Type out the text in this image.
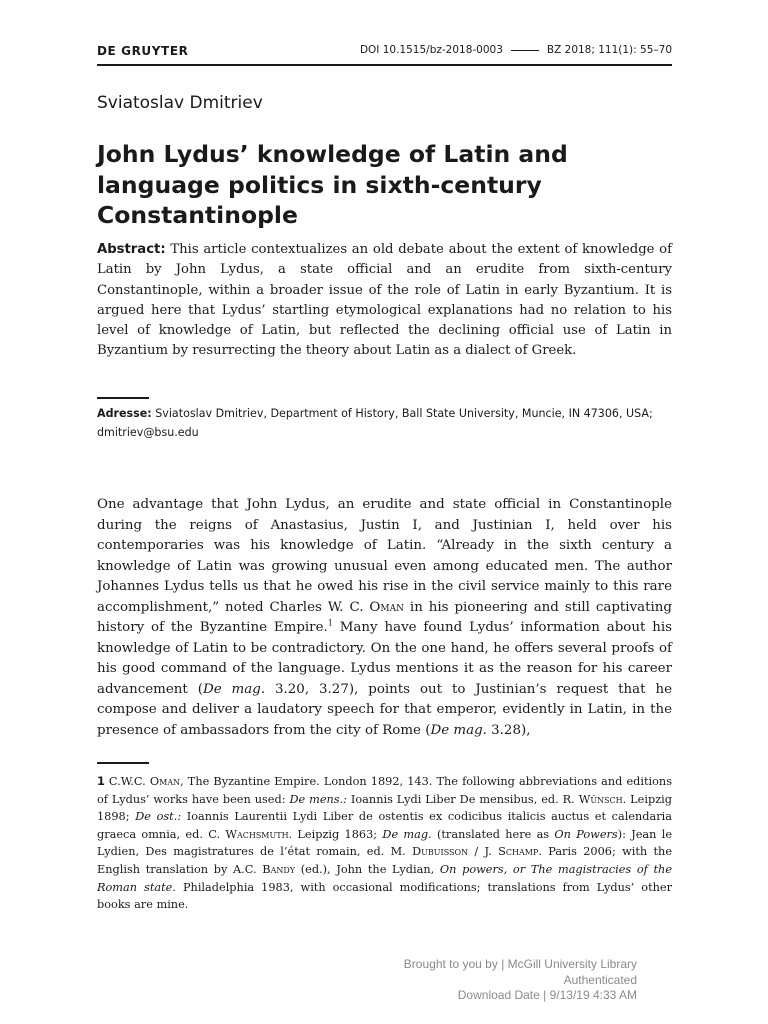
DE GRUYTER	DOI 10.1515/bz-2018-0003	BZ 2018; 111(1): 55–70
Sviatoslav Dmitriev
John Lydus’ knowledge of Latin and
language politics in sixth-century
Constantinople

Abstract: This article contextualizes an old debate about the extent of knowledge of Latin by John Lydus, a state official and an erudite from sixth-century Constantinople, within a broader issue of the role of Latin in early Byzantium. It is argued here that Lydus’ startling etymological explanations had no relation to his level of knowledge of Latin, but reflected the declining official use of Latin in Byzantium by resurrecting the theory about Latin as a dialect of Greek.

Adresse: Sviatoslav Dmitriev, Department of History, Ball State University, Muncie, IN 47306, USA; dmitriev@bsu.edu

One advantage that John Lydus, an erudite and state official in Constantinople during the reigns of Anastasius, Justin I, and Justinian I, held over his contemporaries was his knowledge of Latin. “Already in the sixth century a knowledge of Latin was growing unusual even among educated men. The author Johannes Lydus tells us that he owed his rise in the civil service mainly to this rare accomplishment,” noted Charles W. C. Oman in his pioneering and still captivating history of the Byzantine Empire.$^1$ Many have found Lydus’ information about his knowledge of Latin to be contradictory. On the one hand, he offers several proofs of his good command of the language. Lydus mentions it as the reason for his career advancement (De mag. 3.20, 3.27), points out to Justinian’s request that he compose and deliver a laudatory speech for that emperor, evidently in Latin, in the presence of ambassadors from the city of Rome (De mag. 3.28),

1 C.W.C. Oman, The Byzantine Empire. London 1892, 143. The following abbreviations and editions of Lydus’ works have been used: De mens.: Ioannis Lydi Liber De mensibus, ed. R. Wünsch. Leipzig 1898; De ost.: Ioannis Laurentii Lydi Liber de ostentis ex codicibus italicis auctus et calendaria graeca omnia, ed. C. Wachsmuth. Leipzig 1863; De mag. (translated here as On Powers): Jean le Lydien, Des magistratures de l’état romain, ed. M. Dubuisson / J. Schamp. Paris 2006; with the English translation by A.C. Bandy (ed.), John the Lydian, On powers, or The magistracies of the Roman state. Philadelphia 1983, with occasional modifications; translations from Lydus’ other books are mine.

Brought to you by | McGill University Library
Authenticated
Download Date | 9/13/19 4:33 AM
